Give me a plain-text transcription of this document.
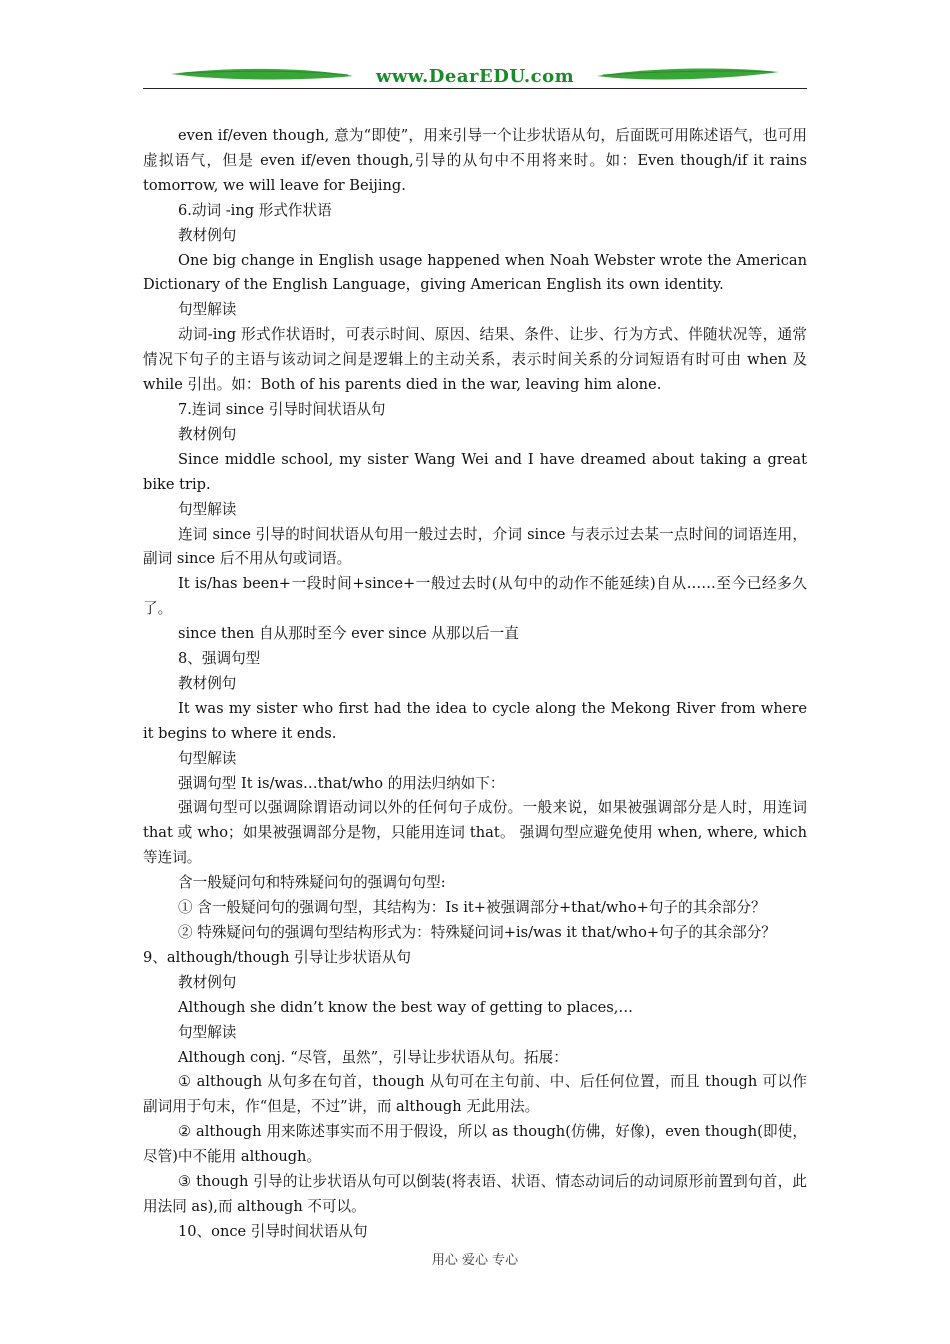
www.DearEDU.com

even if/even though, 意为“即使”，用来引导一个让步状语从句，后面既可用陈述语气，也可用虚拟语气，但是 even if/even though,引导的从句中不用将来时。如：Even though/if it rains tomorrow, we will leave for Beijing.

6.动词 -ing 形式作状语

教材例句

One big change in English usage happened when Noah Webster wrote the American Dictionary of the English Language，giving American English its own identity.

句型解读

动词-ing 形式作状语时，可表示时间、原因、结果、条件、让步、行为方式、伴随状况等，通常情况下句子的主语与该动词之间是逻辑上的主动关系，表示时间关系的分词短语有时可由 when 及 while 引出。如：Both of his parents died in the war, leaving him alone.

7.连词 since 引导时间状语从句

教材例句

Since middle school, my sister Wang Wei and I have dreamed about taking a great bike trip.

句型解读

连词 since 引导的时间状语从句用一般过去时，介词 since 与表示过去某一点时间的词语连用，副词 since 后不用从句或词语。

It is/has been+一段时间+since+一般过去时(从句中的动作不能延续)自从……至今已经多久了。

since then 自从那时至今 ever since 从那以后一直

8、强调句型

教材例句

It was my sister who first had the idea to cycle along the Mekong River from where it begins to where it ends.

句型解读

强调句型 It is/was…that/who 的用法归纳如下：

强调句型可以强调除谓语动词以外的任何句子成份。一般来说，如果被强调部分是人时，用连词 that 或 who；如果被强调部分是物，只能用连词 that。 强调句型应避免使用 when, where, which 等连词。

含一般疑问句和特殊疑问句的强调句句型:

① 含一般疑问句的强调句型，其结构为：Is it+被强调部分+that/who+句子的其余部分？

② 特殊疑问句的强调句型结构形式为：特殊疑问词+is/was it that/who+句子的其余部分？

9、although/though 引导让步状语从句

教材例句

Although she didn’t know the best way of getting to places,…

句型解读

Although conj. “尽管，虽然”，引导让步状语从句。拓展：

① although 从句多在句首，though 从句可在主句前、中、后任何位置，而且 though 可以作副词用于句末，作“但是，不过”讲，而 although 无此用法。

② although 用来陈述事实而不用于假设，所以 as though(仿佛，好像)，even though(即使，尽管)中不能用 although。

③ though 引导的让步状语从句可以倒装(将表语、状语、情态动词后的动词原形前置到句首，此用法同 as),而 although 不可以。

10、once 引导时间状语从句

用心 爱心 专心
